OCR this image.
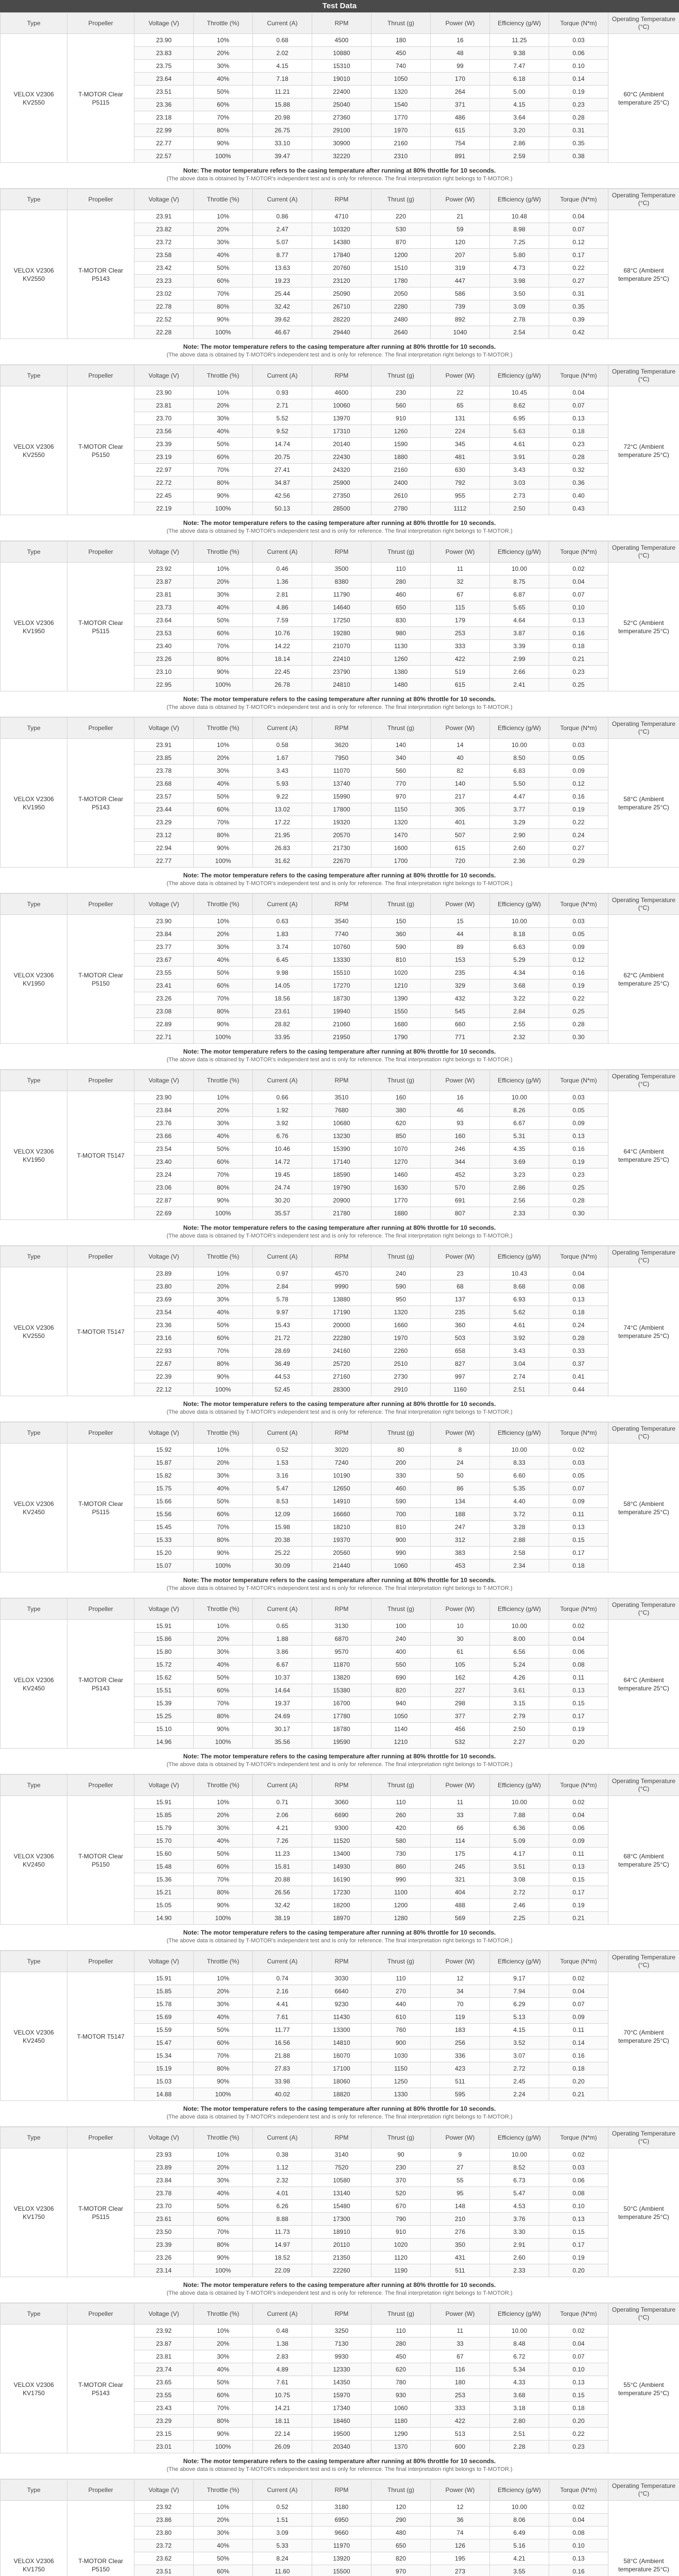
Test Data
Type	Propeller	Voltage (V)	Throttle (%)	Current (A)	RPM	Thrust (g)	Power (W)	Efficiency (g/W)	Torque (N*m)	Operating Temperature (°C)
VELOX V2306 KV2550	T-MOTOR Clear P5115	23.90	10%	0.68	4500	180	16	11.25	0.03	60°C (Ambient temperature 25°C)
		23.83	20%	2.02	10880	450	48	9.38	0.06	
		23.75	30%	4.15	15310	740	99	7.47	0.10	
		23.64	40%	7.18	19010	1050	170	6.18	0.14	
		23.51	50%	11.21	22400	1320	264	5.00	0.19	
		23.36	60%	15.88	25040	1540	371	4.15	0.23	
		23.18	70%	20.98	27360	1770	486	3.64	0.28	
		22.99	80%	26.75	29100	1970	615	3.20	0.31	
		22.77	90%	33.10	30900	2160	754	2.86	0.35	
		22.57	100%	39.47	32220	2310	891	2.59	0.38	
Note: The motor temperature refers to the casing temperature after running at 80% throttle for 10 seconds.
(The above data is obtained by T-MOTOR's independent test and is only for reference. The final interpretation right belongs to T-MOTOR.)
Type	Propeller	Voltage (V)	Throttle (%)	Current (A)	RPM	Thrust (g)	Power (W)	Efficiency (g/W)	Torque (N*m)	Operating Temperature (°C)
VELOX V2306 KV2550	T-MOTOR Clear P5143	23.91	10%	0.86	4710	220	21	10.48	0.04	68°C (Ambient temperature 25°C)
		23.82	20%	2.47	10320	530	59	8.98	0.07	
		23.72	30%	5.07	14380	870	120	7.25	0.12	
		23.58	40%	8.77	17840	1200	207	5.80	0.17	
		23.42	50%	13.63	20760	1510	319	4.73	0.22	
		23.23	60%	19.23	23120	1780	447	3.98	0.27	
		23.02	70%	25.44	25090	2050	586	3.50	0.31	
		22.78	80%	32.42	26710	2280	739	3.09	0.35	
		22.52	90%	39.62	28220	2480	892	2.78	0.39	
		22.28	100%	46.67	29440	2640	1040	2.54	0.42	
Note: The motor temperature refers to the casing temperature after running at 80% throttle for 10 seconds.
(The above data is obtained by T-MOTOR's independent test and is only for reference. The final interpretation right belongs to T-MOTOR.)
Type	Propeller	Voltage (V)	Throttle (%)	Current (A)	RPM	Thrust (g)	Power (W)	Efficiency (g/W)	Torque (N*m)	Operating Temperature (°C)
VELOX V2306 KV2550	T-MOTOR Clear P5150	23.90	10%	0.93	4600	230	22	10.45	0.04	72°C (Ambient temperature 25°C)
		23.81	20%	2.71	10060	560	65	8.62	0.07	
		23.70	30%	5.52	13970	910	131	6.95	0.13	
		23.56	40%	9.52	17310	1260	224	5.63	0.18	
		23.39	50%	14.74	20140	1590	345	4.61	0.23	
		23.19	60%	20.75	22430	1880	481	3.91	0.28	
		22.97	70%	27.41	24320	2160	630	3.43	0.32	
		22.72	80%	34.87	25900	2400	792	3.03	0.36	
		22.45	90%	42.56	27350	2610	955	2.73	0.40	
		22.19	100%	50.13	28500	2780	1112	2.50	0.43	
Note: The motor temperature refers to the casing temperature after running at 80% throttle for 10 seconds.
(The above data is obtained by T-MOTOR's independent test and is only for reference. The final interpretation right belongs to T-MOTOR.)
Type	Propeller	Voltage (V)	Throttle (%)	Current (A)	RPM	Thrust (g)	Power (W)	Efficiency (g/W)	Torque (N*m)	Operating Temperature (°C)
VELOX V2306 KV1950	T-MOTOR Clear P5115	23.92	10%	0.46	3500	110	11	10.00	0.02	52°C (Ambient temperature 25°C)
		23.87	20%	1.36	8380	280	32	8.75	0.04	
		23.81	30%	2.81	11790	460	67	6.87	0.07	
		23.73	40%	4.86	14640	650	115	5.65	0.10	
		23.64	50%	7.59	17250	830	179	4.64	0.13	
		23.53	60%	10.76	19280	980	253	3.87	0.16	
		23.40	70%	14.22	21070	1130	333	3.39	0.18	
		23.26	80%	18.14	22410	1260	422	2.99	0.21	
		23.10	90%	22.45	23790	1380	519	2.66	0.23	
		22.95	100%	26.78	24810	1480	615	2.41	0.25	
Note: The motor temperature refers to the casing temperature after running at 80% throttle for 10 seconds.
(The above data is obtained by T-MOTOR's independent test and is only for reference. The final interpretation right belongs to T-MOTOR.)
Type	Propeller	Voltage (V)	Throttle (%)	Current (A)	RPM	Thrust (g)	Power (W)	Efficiency (g/W)	Torque (N*m)	Operating Temperature (°C)
VELOX V2306 KV1950	T-MOTOR Clear P5143	23.91	10%	0.58	3620	140	14	10.00	0.03	58°C (Ambient temperature 25°C)
		23.85	20%	1.67	7950	340	40	8.50	0.05	
		23.78	30%	3.43	11070	560	82	6.83	0.09	
		23.68	40%	5.93	13740	770	140	5.50	0.12	
		23.57	50%	9.22	15990	970	217	4.47	0.16	
		23.44	60%	13.02	17800	1150	305	3.77	0.19	
		23.29	70%	17.22	19320	1320	401	3.29	0.22	
		23.12	80%	21.95	20570	1470	507	2.90	0.24	
		22.94	90%	26.83	21730	1600	615	2.60	0.27	
		22.77	100%	31.62	22670	1700	720	2.36	0.29	
Note: The motor temperature refers to the casing temperature after running at 80% throttle for 10 seconds.
(The above data is obtained by T-MOTOR's independent test and is only for reference. The final interpretation right belongs to T-MOTOR.)
Type	Propeller	Voltage (V)	Throttle (%)	Current (A)	RPM	Thrust (g)	Power (W)	Efficiency (g/W)	Torque (N*m)	Operating Temperature (°C)
VELOX V2306 KV1950	T-MOTOR Clear P5150	23.90	10%	0.63	3540	150	15	10.00	0.03	62°C (Ambient temperature 25°C)
		23.84	20%	1.83	7740	360	44	8.18	0.05	
		23.77	30%	3.74	10760	590	89	6.63	0.09	
		23.67	40%	6.45	13330	810	153	5.29	0.12	
		23.55	50%	9.98	15510	1020	235	4.34	0.16	
		23.41	60%	14.05	17270	1210	329	3.68	0.19	
		23.26	70%	18.56	18730	1390	432	3.22	0.22	
		23.08	80%	23.61	19940	1550	545	2.84	0.25	
		22.89	90%	28.82	21060	1680	660	2.55	0.28	
		22.71	100%	33.95	21950	1790	771	2.32	0.30	
Note: The motor temperature refers to the casing temperature after running at 80% throttle for 10 seconds.
(The above data is obtained by T-MOTOR's independent test and is only for reference. The final interpretation right belongs to T-MOTOR.)
Type	Propeller	Voltage (V)	Throttle (%)	Current (A)	RPM	Thrust (g)	Power (W)	Efficiency (g/W)	Torque (N*m)	Operating Temperature (°C)
VELOX V2306 KV1950	T-MOTOR T5147	23.90	10%	0.66	3510	160	16	10.00	0.03	64°C (Ambient temperature 25°C)
		23.84	20%	1.92	7680	380	46	8.26	0.05	
		23.76	30%	3.92	10680	620	93	6.67	0.09	
		23.66	40%	6.76	13230	850	160	5.31	0.13	
		23.54	50%	10.46	15390	1070	246	4.35	0.16	
		23.40	60%	14.72	17140	1270	344	3.69	0.19	
		23.24	70%	19.45	18590	1460	452	3.23	0.23	
		23.06	80%	24.74	19790	1630	570	2.86	0.25	
		22.87	90%	30.20	20900	1770	691	2.56	0.28	
		22.69	100%	35.57	21780	1880	807	2.33	0.30	
Note: The motor temperature refers to the casing temperature after running at 80% throttle for 10 seconds.
(The above data is obtained by T-MOTOR's independent test and is only for reference. The final interpretation right belongs to T-MOTOR.)
Type	Propeller	Voltage (V)	Throttle (%)	Current (A)	RPM	Thrust (g)	Power (W)	Efficiency (g/W)	Torque (N*m)	Operating Temperature (°C)
VELOX V2306 KV2550	T-MOTOR T5147	23.89	10%	0.97	4570	240	23	10.43	0.04	74°C (Ambient temperature 25°C)
		23.80	20%	2.84	9990	590	68	8.68	0.08	
		23.69	30%	5.78	13880	950	137	6.93	0.13	
		23.54	40%	9.97	17190	1320	235	5.62	0.18	
		23.36	50%	15.43	20000	1660	360	4.61	0.24	
		23.16	60%	21.72	22280	1970	503	3.92	0.28	
		22.93	70%	28.69	24160	2260	658	3.43	0.33	
		22.67	80%	36.49	25720	2510	827	3.04	0.37	
		22.39	90%	44.53	27160	2730	997	2.74	0.41	
		22.12	100%	52.45	28300	2910	1160	2.51	0.44	
Note: The motor temperature refers to the casing temperature after running at 80% throttle for 10 seconds.
(The above data is obtained by T-MOTOR's independent test and is only for reference. The final interpretation right belongs to T-MOTOR.)
Type	Propeller	Voltage (V)	Throttle (%)	Current (A)	RPM	Thrust (g)	Power (W)	Efficiency (g/W)	Torque (N*m)	Operating Temperature (°C)
VELOX V2306 KV2450	T-MOTOR Clear P5115	15.92	10%	0.52	3020	80	8	10.00	0.02	58°C (Ambient temperature 25°C)
		15.87	20%	1.53	7240	200	24	8.33	0.03	
		15.82	30%	3.16	10190	330	50	6.60	0.05	
		15.75	40%	5.47	12650	460	86	5.35	0.07	
		15.66	50%	8.53	14910	590	134	4.40	0.09	
		15.56	60%	12.09	16660	700	188	3.72	0.11	
		15.45	70%	15.98	18210	810	247	3.28	0.13	
		15.33	80%	20.38	19370	900	312	2.88	0.15	
		15.20	90%	25.22	20560	990	383	2.58	0.17	
		15.07	100%	30.09	21440	1060	453	2.34	0.18	
Note: The motor temperature refers to the casing temperature after running at 80% throttle for 10 seconds.
(The above data is obtained by T-MOTOR's independent test and is only for reference. The final interpretation right belongs to T-MOTOR.)
Type	Propeller	Voltage (V)	Throttle (%)	Current (A)	RPM	Thrust (g)	Power (W)	Efficiency (g/W)	Torque (N*m)	Operating Temperature (°C)
VELOX V2306 KV2450	T-MOTOR Clear P5143	15.91	10%	0.65	3130	100	10	10.00	0.02	64°C (Ambient temperature 25°C)
		15.86	20%	1.88	6870	240	30	8.00	0.04	
		15.80	30%	3.86	9570	400	61	6.56	0.06	
		15.72	40%	6.67	11870	550	105	5.24	0.08	
		15.62	50%	10.37	13820	690	162	4.26	0.11	
		15.51	60%	14.64	15380	820	227	3.61	0.13	
		15.39	70%	19.37	16700	940	298	3.15	0.15	
		15.25	80%	24.69	17780	1050	377	2.79	0.17	
		15.10	90%	30.17	18780	1140	456	2.50	0.19	
		14.96	100%	35.56	19590	1210	532	2.27	0.20	
Note: The motor temperature refers to the casing temperature after running at 80% throttle for 10 seconds.
(The above data is obtained by T-MOTOR's independent test and is only for reference. The final interpretation right belongs to T-MOTOR.)
Type	Propeller	Voltage (V)	Throttle (%)	Current (A)	RPM	Thrust (g)	Power (W)	Efficiency (g/W)	Torque (N*m)	Operating Temperature (°C)
VELOX V2306 KV2450	T-MOTOR Clear P5150	15.91	10%	0.71	3060	110	11	10.00	0.02	68°C (Ambient temperature 25°C)
		15.85	20%	2.06	6690	260	33	7.88	0.04	
		15.79	30%	4.21	9300	420	66	6.36	0.06	
		15.70	40%	7.26	11520	580	114	5.09	0.09	
		15.60	50%	11.23	13400	730	175	4.17	0.11	
		15.48	60%	15.81	14930	860	245	3.51	0.13	
		15.36	70%	20.88	16190	990	321	3.08	0.15	
		15.21	80%	26.56	17230	1100	404	2.72	0.17	
		15.05	90%	32.42	18200	1200	488	2.46	0.19	
		14.90	100%	38.19	18970	1280	569	2.25	0.21	
Note: The motor temperature refers to the casing temperature after running at 80% throttle for 10 seconds.
(The above data is obtained by T-MOTOR's independent test and is only for reference. The final interpretation right belongs to T-MOTOR.)
Type	Propeller	Voltage (V)	Throttle (%)	Current (A)	RPM	Thrust (g)	Power (W)	Efficiency (g/W)	Torque (N*m)	Operating Temperature (°C)
VELOX V2306 KV2450	T-MOTOR T5147	15.91	10%	0.74	3030	110	12	9.17	0.02	70°C (Ambient temperature 25°C)
		15.85	20%	2.16	6640	270	34	7.94	0.04	
		15.78	30%	4.41	9230	440	70	6.29	0.07	
		15.69	40%	7.61	11430	610	119	5.13	0.09	
		15.59	50%	11.77	13300	760	183	4.15	0.11	
		15.47	60%	16.56	14810	900	256	3.52	0.14	
		15.34	70%	21.88	16070	1030	336	3.07	0.16	
		15.19	80%	27.83	17100	1150	423	2.72	0.18	
		15.03	90%	33.98	18060	1250	511	2.45	0.20	
		14.88	100%	40.02	18820	1330	595	2.24	0.21	
Note: The motor temperature refers to the casing temperature after running at 80% throttle for 10 seconds.
(The above data is obtained by T-MOTOR's independent test and is only for reference. The final interpretation right belongs to T-MOTOR.)
Type	Propeller	Voltage (V)	Throttle (%)	Current (A)	RPM	Thrust (g)	Power (W)	Efficiency (g/W)	Torque (N*m)	Operating Temperature (°C)
VELOX V2306 KV1750	T-MOTOR Clear P5115	23.93	10%	0.38	3140	90	9	10.00	0.02	50°C (Ambient temperature 25°C)
		23.89	20%	1.12	7520	230	27	8.52	0.03	
		23.84	30%	2.32	10580	370	55	6.73	0.06	
		23.78	40%	4.01	13140	520	95	5.47	0.08	
		23.70	50%	6.26	15480	670	148	4.53	0.10	
		23.61	60%	8.88	17300	790	210	3.76	0.13	
		23.50	70%	11.73	18910	910	276	3.30	0.15	
		23.39	80%	14.97	20110	1020	350	2.91	0.17	
		23.26	90%	18.52	21350	1120	431	2.60	0.19	
		23.14	100%	22.09	22260	1190	511	2.33	0.20	
Note: The motor temperature refers to the casing temperature after running at 80% throttle for 10 seconds.
(The above data is obtained by T-MOTOR's independent test and is only for reference. The final interpretation right belongs to T-MOTOR.)
Type	Propeller	Voltage (V)	Throttle (%)	Current (A)	RPM	Thrust (g)	Power (W)	Efficiency (g/W)	Torque (N*m)	Operating Temperature (°C)
VELOX V2306 KV1750	T-MOTOR Clear P5143	23.92	10%	0.48	3250	110	11	10.00	0.02	55°C (Ambient temperature 25°C)
		23.87	20%	1.38	7130	280	33	8.48	0.04	
		23.81	30%	2.83	9930	450	67	6.72	0.07	
		23.74	40%	4.89	12330	620	116	5.34	0.10	
		23.65	50%	7.61	14350	780	180	4.33	0.13	
		23.55	60%	10.75	15970	930	253	3.68	0.15	
		23.43	70%	14.21	17340	1060	333	3.18	0.18	
		23.29	80%	18.11	18460	1180	422	2.80	0.20	
		23.15	90%	22.14	19500	1290	513	2.51	0.22	
		23.01	100%	26.09	20340	1370	600	2.28	0.23	
Note: The motor temperature refers to the casing temperature after running at 80% throttle for 10 seconds.
(The above data is obtained by T-MOTOR's independent test and is only for reference. The final interpretation right belongs to T-MOTOR.)
Type	Propeller	Voltage (V)	Throttle (%)	Current (A)	RPM	Thrust (g)	Power (W)	Efficiency (g/W)	Torque (N*m)	Operating Temperature (°C)
VELOX V2306 KV1750	T-MOTOR Clear P5150	23.92	10%	0.52	3180	120	12	10.00	0.02	58°C (Ambient temperature 25°C)
		23.86	20%	1.51	6950	290	36	8.06	0.04	
		23.80	30%	3.09	9660	480	74	6.49	0.08	
		23.72	40%	5.33	11970	650	126	5.16	0.10	
		23.62	50%	8.24	13920	820	195	4.21	0.13	
		23.51	60%	11.60	15500	970	273	3.55	0.16	
